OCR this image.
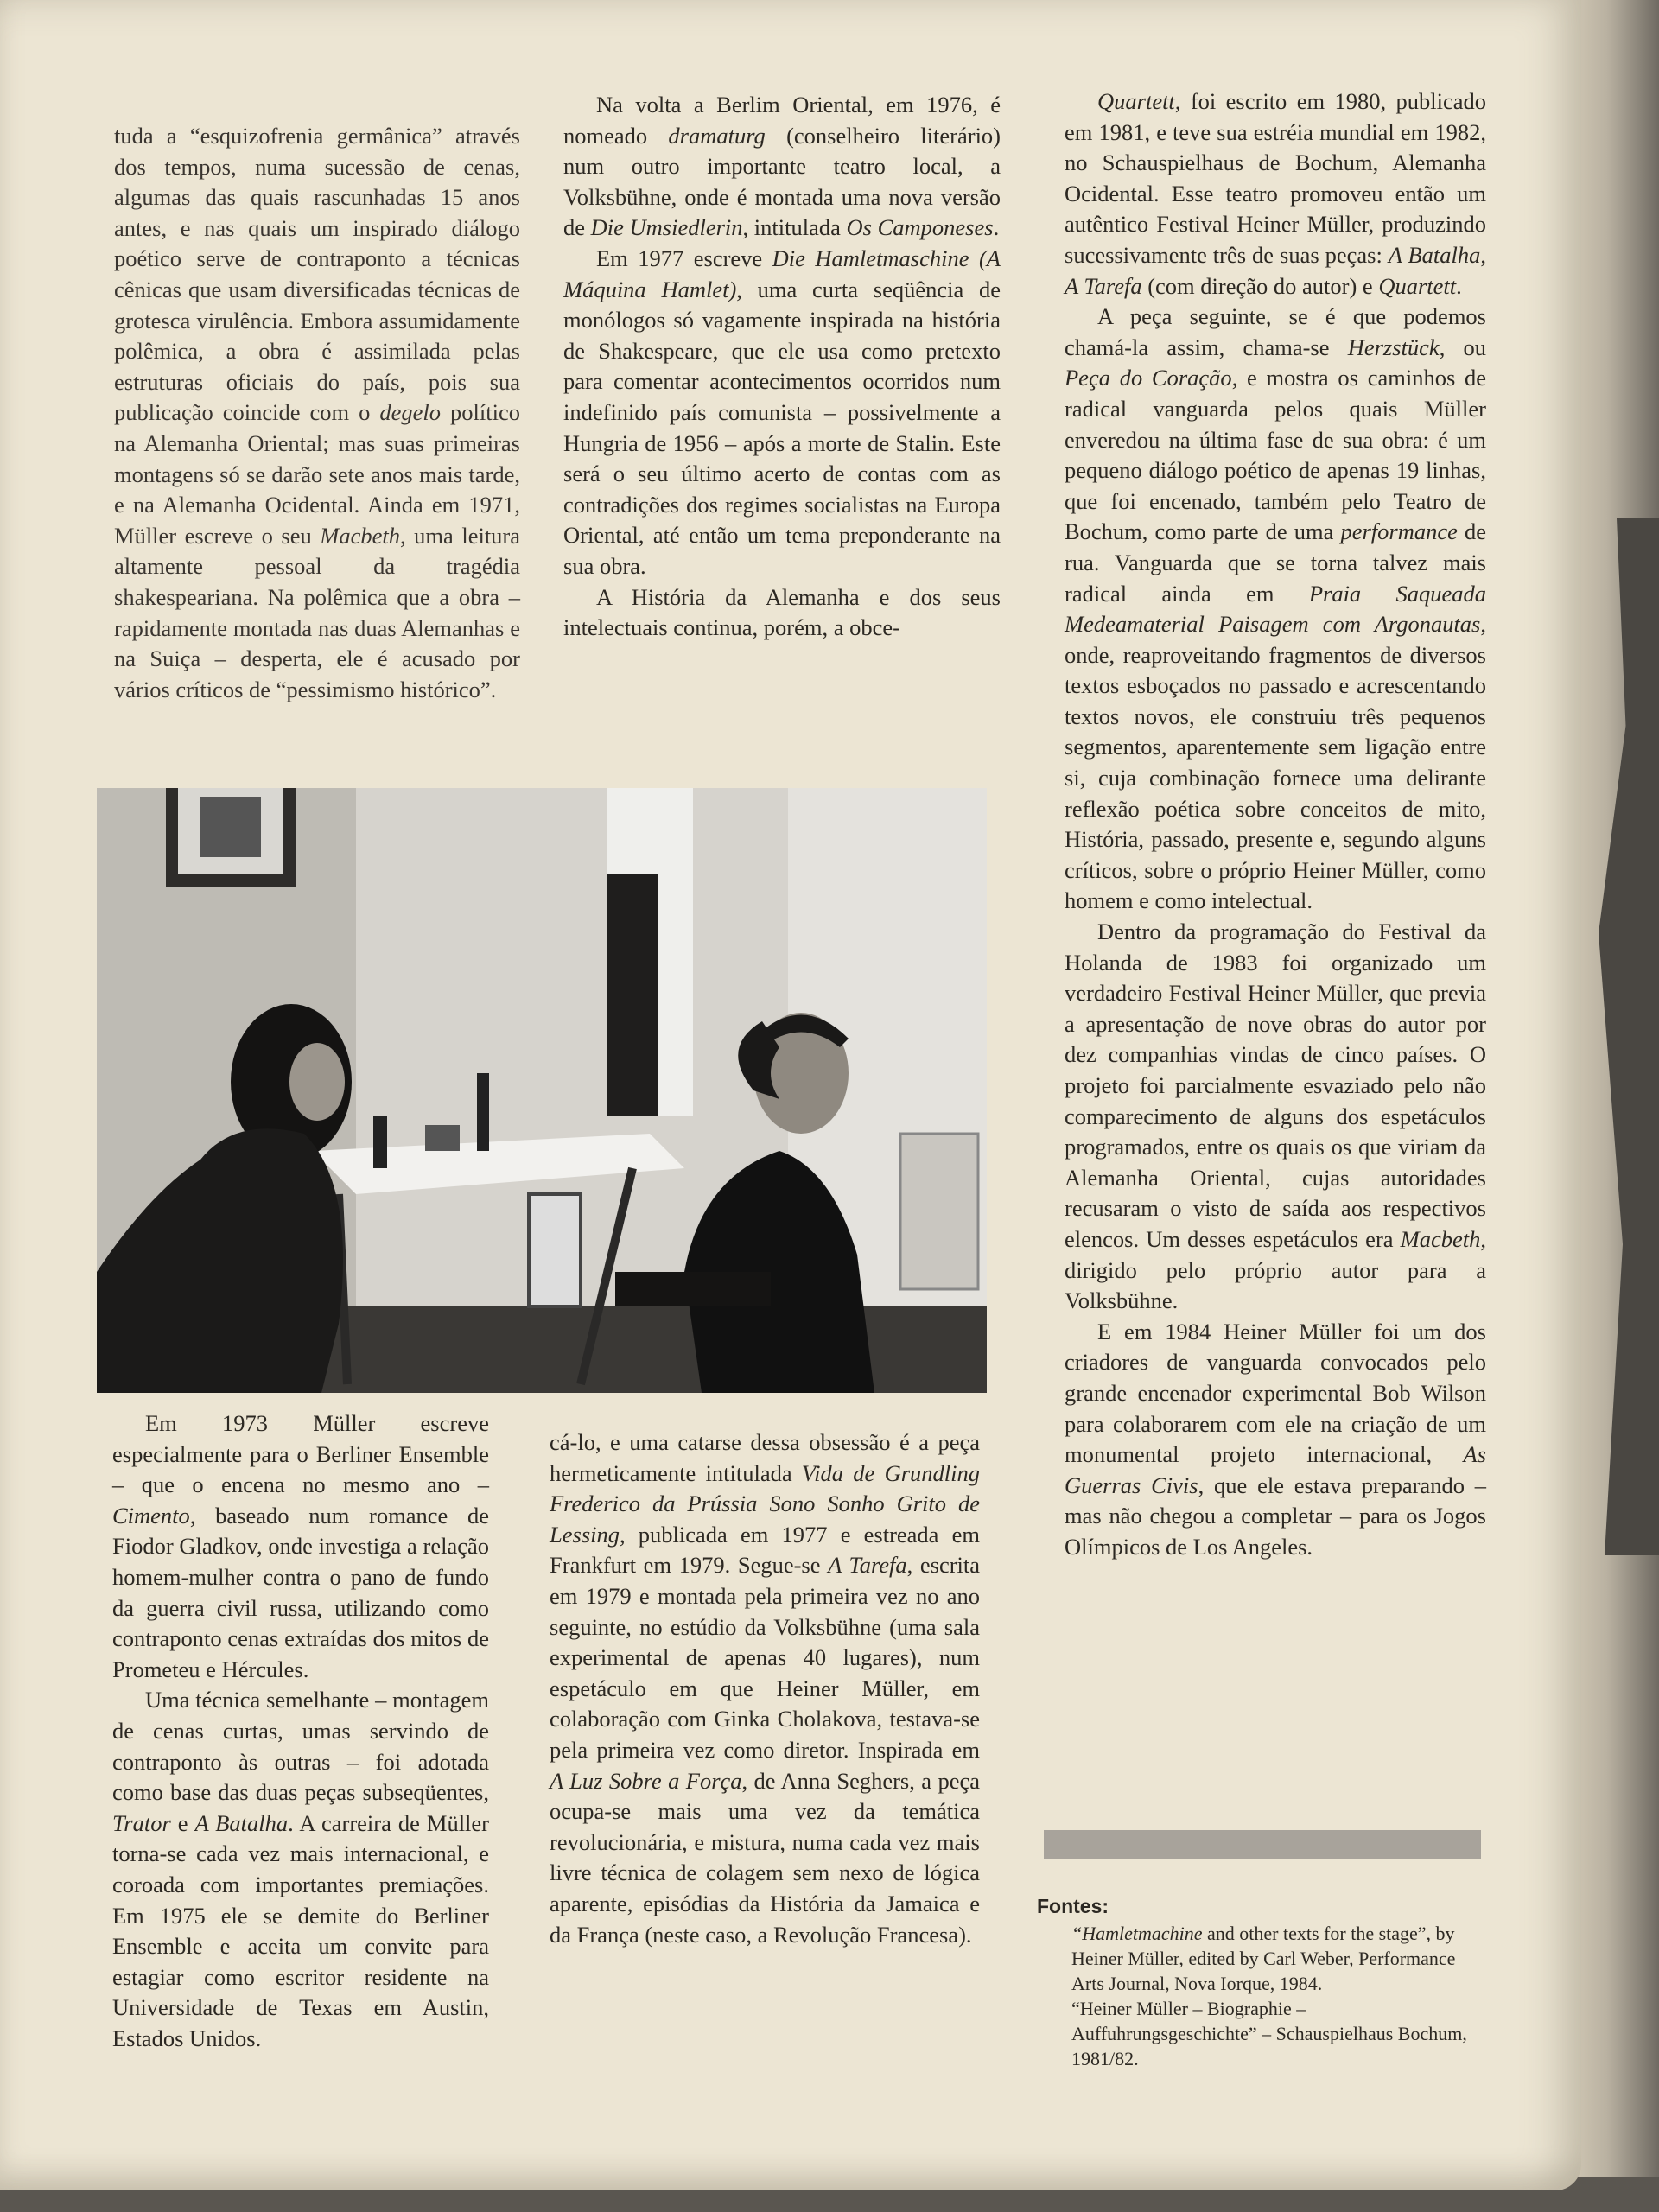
tuda a “esquizofrenia germânica” através dos tempos, numa sucessão de cenas, algumas das quais rascunhadas 15 anos antes, e nas quais um inspirado diálogo poético serve de contraponto a técnicas cênicas que usam diversificadas técnicas de grotesca virulência. Embora assumidamente polêmica, a obra é assimilada pelas estruturas oficiais do país, pois sua publicação coincide com o degelo político na Alemanha Oriental; mas suas primeiras montagens só se darão sete anos mais tarde, e na Alemanha Ocidental. Ainda em 1971, Müller escreve o seu Macbeth, uma leitura altamente pessoal da tragédia shakespeariana. Na polêmica que a obra – rapidamente montada nas duas Alemanhas e na Suiça – desperta, ele é acusado por vários críticos de “pessimismo histórico”.

Na volta a Berlim Oriental, em 1976, é nomeado dramaturg (conselheiro literário) num outro importante teatro local, a Volksbühne, onde é montada uma nova versão de Die Umsiedlerin, intitulada Os Camponeses.

Em 1977 escreve Die Hamletmaschine (A Máquina Hamlet), uma curta seqüência de monólogos só vagamente inspirada na história de Shakespeare, que ele usa como pretexto para comentar acontecimentos ocorridos num indefinido país comunista – possivelmente a Hungria de 1956 – após a morte de Stalin. Este será o seu último acerto de contas com as contradições dos regimes socialistas na Europa Oriental, até então um tema preponderante na sua obra.

A História da Alemanha e dos seus intelectuais continua, porém, a obce-

Quartett, foi escrito em 1980, publicado em 1981, e teve sua estréia mundial em 1982, no Schauspielhaus de Bochum, Alemanha Ocidental. Esse teatro promoveu então um autêntico Festival Heiner Müller, produzindo sucessivamente três de suas peças: A Batalha, A Tarefa (com direção do autor) e Quartett.

A peça seguinte, se é que podemos chamá-la assim, chama-se Herzstück, ou Peça do Coração, e mostra os caminhos de radical vanguarda pelos quais Müller enveredou na última fase de sua obra: é um pequeno diálogo poético de apenas 19 linhas, que foi encenado, também pelo Teatro de Bochum, como parte de uma performance de rua. Vanguarda que se torna talvez mais radical ainda em Praia Saqueada Medeamaterial Paisagem com Argonautas, onde, reaproveitando fragmentos de diversos textos esboçados no passado e acrescentando textos novos, ele construiu três pequenos segmentos, aparentemente sem ligação entre si, cuja combinação fornece uma delirante reflexão poética sobre conceitos de mito, História, passado, presente e, segundo alguns críticos, sobre o próprio Heiner Müller, como homem e como intelectual.

Dentro da programação do Festival da Holanda de 1983 foi organizado um verdadeiro Festival Heiner Müller, que previa a apresentação de nove obras do autor por dez companhias vindas de cinco países. O projeto foi parcialmente esvaziado pelo não comparecimento de alguns dos espetáculos programados, entre os quais os que viriam da Alemanha Oriental, cujas autoridades recusaram o visto de saída aos respectivos elencos. Um desses espetáculos era Macbeth, dirigido pelo próprio autor para a Volksbühne.

E em 1984 Heiner Müller foi um dos criadores de vanguarda convocados pelo grande encenador experimental Bob Wilson para colaborarem com ele na criação de um monumental projeto internacional, As Guerras Civis, que ele estava preparando – mas não chegou a completar – para os Jogos Olímpicos de Los Angeles.

Em 1973 Müller escreve especialmente para o Berliner Ensemble – que o encena no mesmo ano – Cimento, baseado num romance de Fiodor Gladkov, onde investiga a relação homem-mulher contra o pano de fundo da guerra civil russa, utilizando como contraponto cenas extraídas dos mitos de Prometeu e Hércules.

Uma técnica semelhante – montagem de cenas curtas, umas servindo de contraponto às outras – foi adotada como base das duas peças subseqüentes, Trator e A Batalha. A carreira de Müller torna-se cada vez mais internacional, e coroada com importantes premiações. Em 1975 ele se demite do Berliner Ensemble e aceita um convite para estagiar como escritor residente na Universidade de Texas em Austin, Estados Unidos.

cá-lo, e uma catarse dessa obsessão é a peça hermeticamente intitulada Vida de Grundling Frederico da Prússia Sono Sonho Grito de Lessing, publicada em 1977 e estreada em Frankfurt em 1979. Segue-se A Tarefa, escrita em 1979 e montada pela primeira vez no ano seguinte, no estúdio da Volksbühne (uma sala experimental de apenas 40 lugares), num espetáculo em que Heiner Müller, em colaboração com Ginka Cholakova, testava-se pela primeira vez como diretor. Inspirada em A Luz Sobre a Força, de Anna Seghers, a peça ocupa-se mais uma vez da temática revolucionária, e mistura, numa cada vez mais livre técnica de colagem sem nexo de lógica aparente, episódias da História da Jamaica e da França (neste caso, a Revolução Francesa).

Fontes:

“Hamletmachine and other texts for the stage”, by Heiner Müller, edited by Carl Weber, Performance Arts Journal, Nova Iorque, 1984.

“Heiner Müller – Biographie – Auffuhrungsgeschichte” – Schauspielhaus Bochum, 1981/82.
